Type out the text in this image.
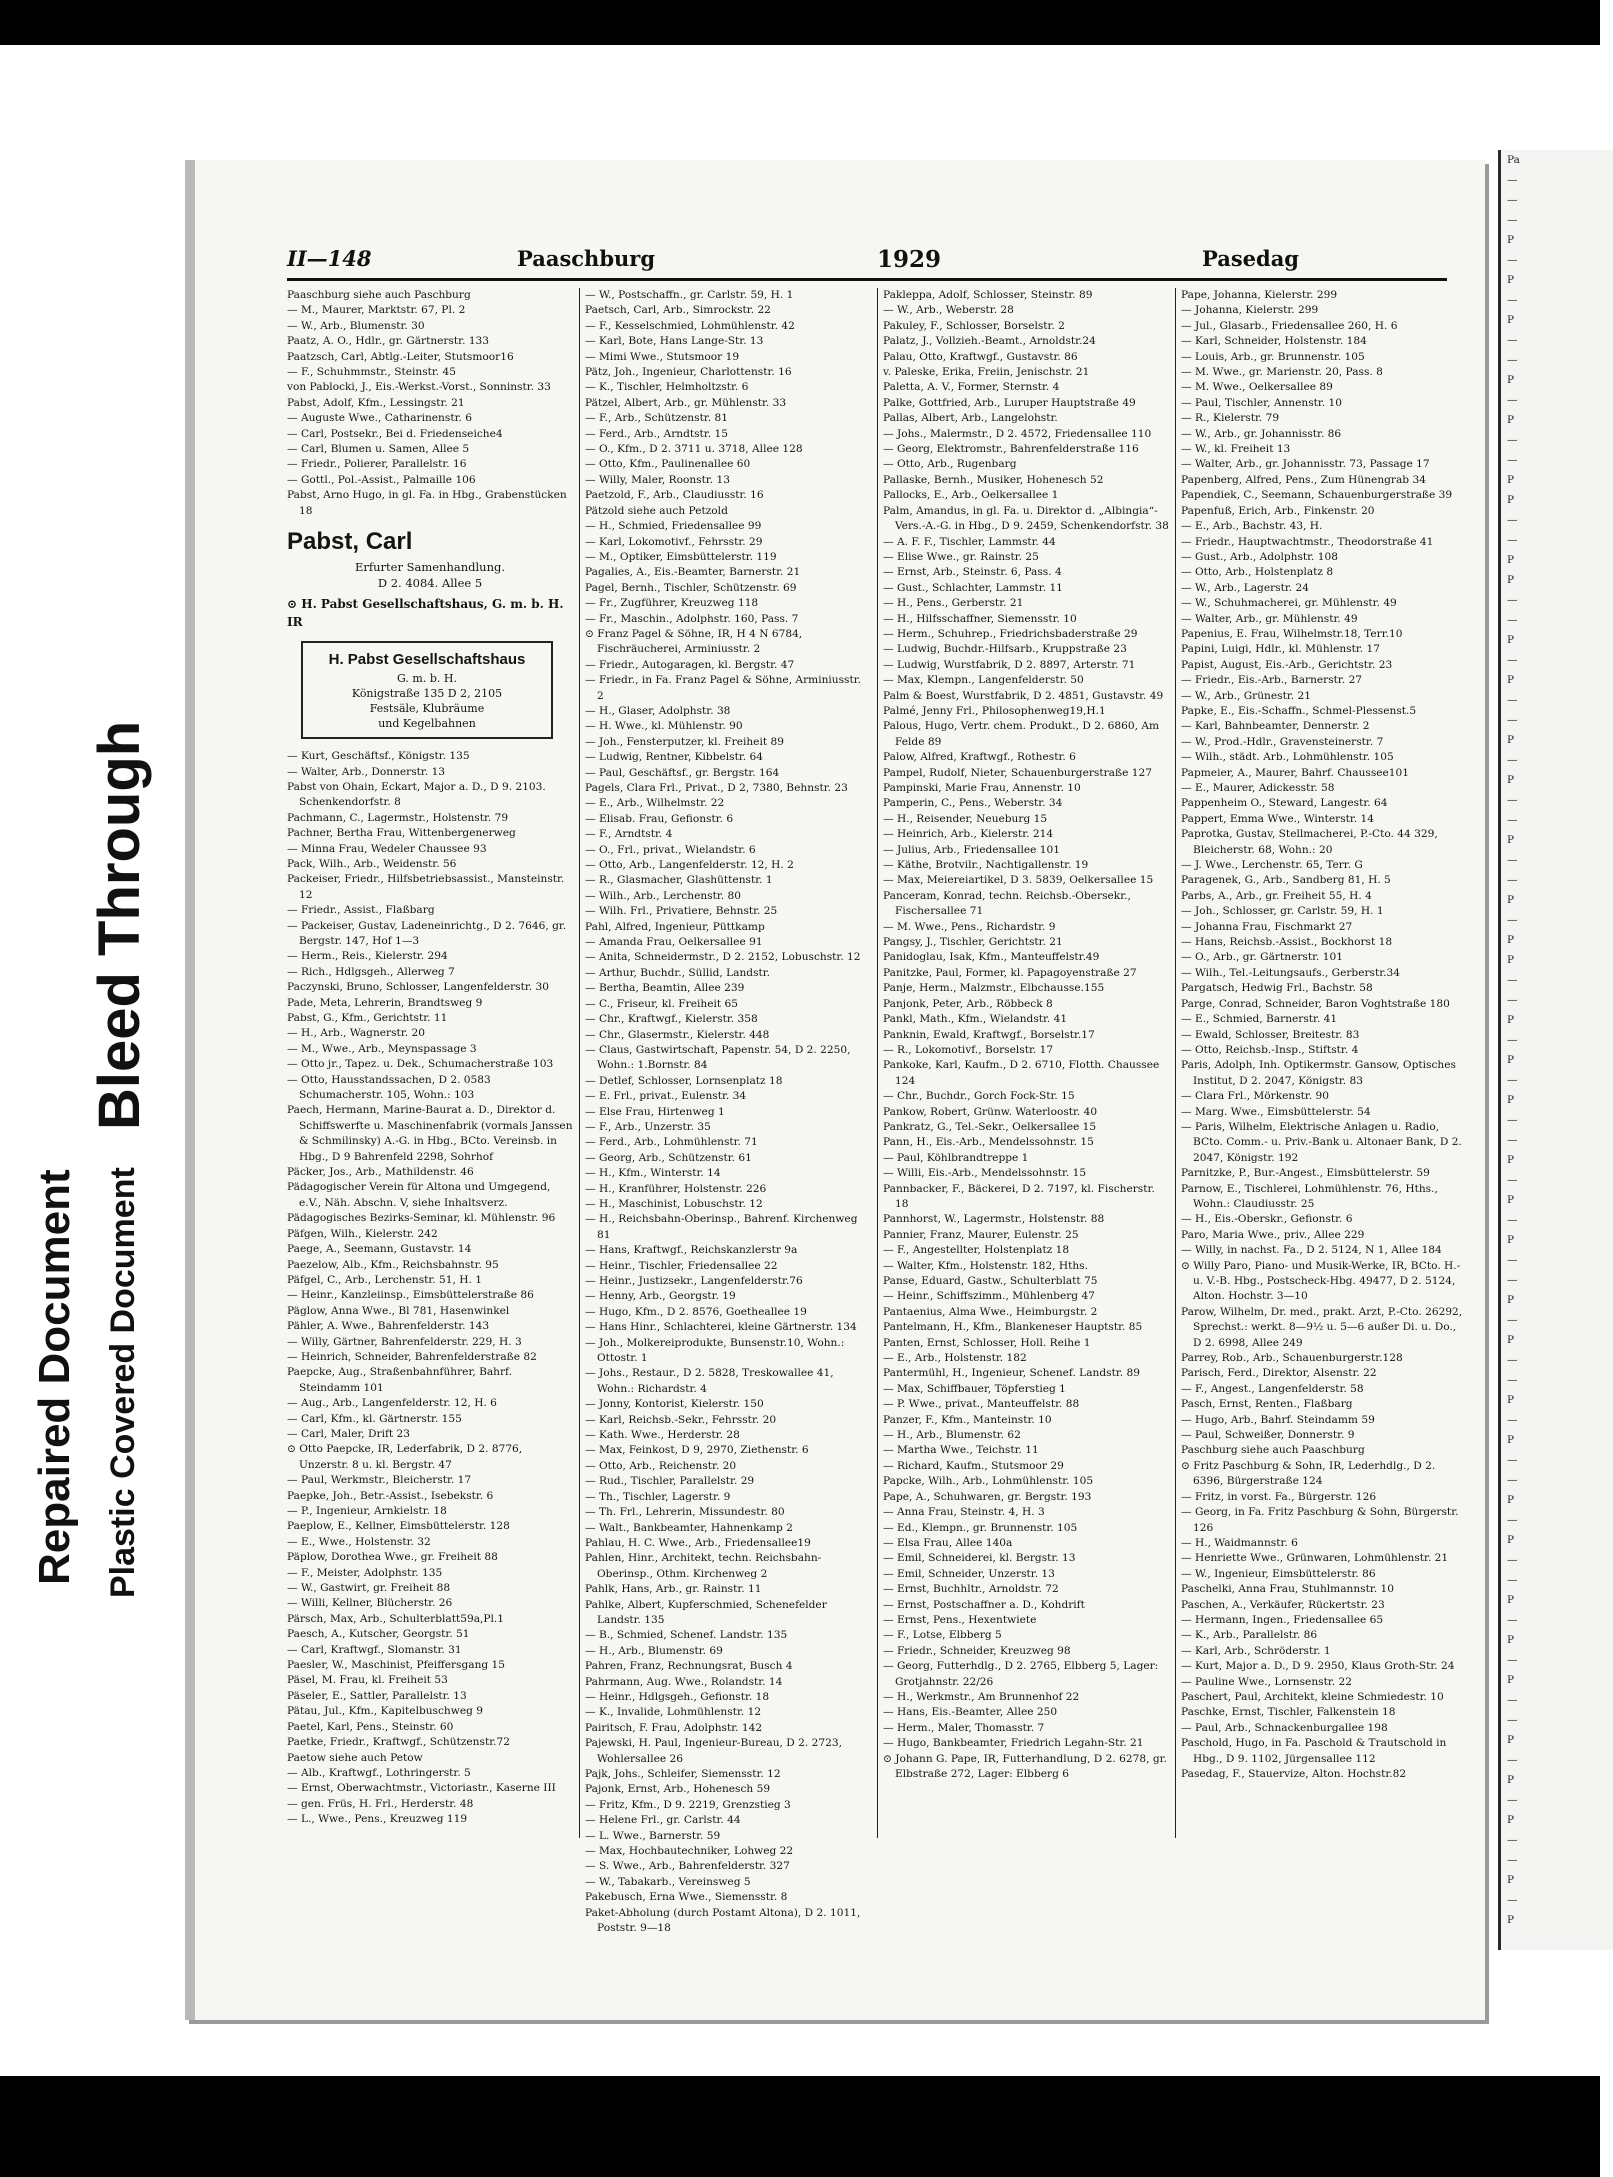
Repaired Document Plastic Covered Document
Bleed Through
Pa
—
—
—
P
—
P
—
P
—
—
P
—
P
—
—
P
P
—
—
P
P
—
—
P
—
P
—
—
P
—
P
—
—
P
—
—
P
—
P
P
—
—
P
—
P
—
P
—
—
P
—
P
—
P
—
—
P
—
P
—
—
P
—
P
—
—
P
—
P
—
—
P
—
P
—
P
—
—
P
—
P
—
P
—
—
P
—
P
II—148	Paaschburg	1929	Pasedag

Paaschburg siehe auch Paschburg

— M., Maurer, Marktstr. 67, Pl. 2

— W., Arb., Blumenstr. 30

Paatz, A. O., Hdlr., gr. Gärtnerstr. 133

Paatzsch, Carl, Abtlg.-Leiter, Stutsmoor16

— F., Schuhmmstr., Steinstr. 45

von Pablocki, J., Eis.-Werkst.-Vorst., Sonninstr. 33

Pabst, Adolf, Kfm., Lessingstr. 21

— Auguste Wwe., Catharinenstr. 6

— Carl, Postsekr., Bei d. Friedenseiche4

— Carl, Blumen u. Samen, Allee 5

— Friedr., Polierer, Parallelstr. 16

— Gottl., Pol.-Assist., Palmaille 106

Pabst, Arno Hugo, in gl. Fa. in Hbg., Grabenstücken 18

Pabst, Carl
Erfurter Samenhandlung.
D 2. 4084. Allee 5
⊙ H. Pabst Gesellschaftshaus, G. m. b. H. IR
H. Pabst Gesellschaftshaus
G. m. b. H.
Königstraße 135 D 2, 2105
Festsäle, Klubräume
und Kegelbahnen

— Kurt, Geschäftsf., Königstr. 135

— Walter, Arb., Donnerstr. 13

Pabst von Ohain, Eckart, Major a. D., D 9. 2103. Schenkendorfstr. 8

Pachmann, C., Lagermstr., Holstenstr. 79

Pachner, Bertha Frau, Wittenbergenerweg

— Minna Frau, Wedeler Chaussee 93

Pack, Wilh., Arb., Weidenstr. 56

Packeiser, Friedr., Hilfsbetriebsassist., Mansteinstr. 12

— Friedr., Assist., Flaßbarg

— Packeiser, Gustav, Ladeneinrichtg., D 2. 7646, gr. Bergstr. 147, Hof 1—3

— Herm., Reis., Kielerstr. 294

— Rich., Hdlgsgeh., Allerweg 7

Paczynski, Bruno, Schlosser, Langenfelderstr. 30

Pade, Meta, Lehrerin, Brandtsweg 9

Pabst, G., Kfm., Gerichtstr. 11

— H., Arb., Wagnerstr. 20

— M., Wwe., Arb., Meynspassage 3

— Otto jr., Tapez. u. Dek., Schumacherstraße 103

— Otto, Hausstandssachen, D 2. 0583 Schumacherstr. 105, Wohn.: 103

Paech, Hermann, Marine-Baurat a. D., Direktor d. Schiffswerfte u. Maschinenfabrik (vormals Janssen & Schmilinsky) A.-G. in Hbg., BCto. Vereinsb. in Hbg., D 9 Bahrenfeld 2298, Sohrhof

Päcker, Jos., Arb., Mathildenstr. 46

Pädagogischer Verein für Altona und Umgegend, e.V., Näh. Abschn. V, siehe Inhaltsverz.

Pädagogisches Bezirks-Seminar, kl. Mühlenstr. 96

Päfgen, Wilh., Kielerstr. 242

Paege, A., Seemann, Gustavstr. 14

Paezelow, Alb., Kfm., Reichsbahnstr. 95

Päfgel, C., Arb., Lerchenstr. 51, H. 1

— Heinr., Kanzleiinsp., Eimsbüttelerstraße 86

Päglow, Anna Wwe., Bl 781, Hasenwinkel

Pähler, A. Wwe., Bahrenfelderstr. 143

— Willy, Gärtner, Bahrenfelderstr. 229, H. 3

— Heinrich, Schneider, Bahrenfelderstraße 82

Paepcke, Aug., Straßenbahnführer, Bahrf. Steindamm 101

— Aug., Arb., Langenfelderstr. 12, H. 6

— Carl, Kfm., kl. Gärtnerstr. 155

— Carl, Maler, Drift 23

⊙ Otto Paepcke, IR, Lederfabrik, D 2. 8776, Unzerstr. 8 u. kl. Bergstr. 47

— Paul, Werkmstr., Bleicherstr. 17

Paepke, Joh., Betr.-Assist., Isebekstr. 6

— P., Ingenieur, Arnkielstr. 18

Paeplow, E., Kellner, Eimsbüttelerstr. 128

— E., Wwe., Holstenstr. 32

Päplow, Dorothea Wwe., gr. Freiheit 88

— F., Meister, Adolphstr. 135

— W., Gastwirt, gr. Freiheit 88

— Willi, Kellner, Blücherstr. 26

Pärsch, Max, Arb., Schulterblatt59a,Pl.1

Paesch, A., Kutscher, Georgstr. 51

— Carl, Kraftwgf., Slomanstr. 31

Paesler, W., Maschinist, Pfeiffersgang 15

Päsel, M. Frau, kl. Freiheit 53

Päseler, E., Sattler, Parallelstr. 13

Pätau, Jul., Kfm., Kapitelbuschweg 9

Paetel, Karl, Pens., Steinstr. 60

Paetke, Friedr., Kraftwgf., Schützenstr.72

Paetow siehe auch Petow

— Alb., Kraftwgf., Lothringerstr. 5

— Ernst, Oberwachtmstr., Victoriastr., Kaserne III

— gen. Früs, H. Frl., Herderstr. 48

— L., Wwe., Pens., Kreuzweg 119

— W., Postschaffn., gr. Carlstr. 59, H. 1

Paetsch, Carl, Arb., Simrockstr. 22

— F., Kesselschmied, Lohmühlenstr. 42

— Karl, Bote, Hans Lange-Str. 13

— Mimi Wwe., Stutsmoor 19

Pätz, Joh., Ingenieur, Charlottenstr. 16

— K., Tischler, Helmholtzstr. 6

Pätzel, Albert, Arb., gr. Mühlenstr. 33

— F., Arb., Schützenstr. 81

— Ferd., Arb., Arndtstr. 15

— O., Kfm., D 2. 3711 u. 3718, Allee 128

— Otto, Kfm., Paulinenallee 60

— Willy, Maler, Roonstr. 13

Paetzold, F., Arb., Claudiusstr. 16

Pätzold siehe auch Petzold

— H., Schmied, Friedensallee 99

— Karl, Lokomotivf., Fehrsstr. 29

— M., Optiker, Eimsbüttelerstr. 119

Pagalies, A., Eis.-Beamter, Barnerstr. 21

Pagel, Bernh., Tischler, Schützenstr. 69

— Fr., Zugführer, Kreuzweg 118

— Fr., Maschin., Adolphstr. 160, Pass. 7

⊙ Franz Pagel & Söhne, IR, H 4 N 6784, Fischräucherei, Arminiusstr. 2

— Friedr., Autogaragen, kl. Bergstr. 47

— Friedr., in Fa. Franz Pagel & Söhne, Arminiusstr. 2

— H., Glaser, Adolphstr. 38

— H. Wwe., kl. Mühlenstr. 90

— Joh., Fensterputzer, kl. Freiheit 89

— Ludwig, Rentner, Kibbelstr. 64

— Paul, Geschäftsf., gr. Bergstr. 164

Pagels, Clara Frl., Privat., D 2, 7380, Behnstr. 23

— E., Arb., Wilhelmstr. 22

— Elisab. Frau, Gefionstr. 6

— F., Arndtstr. 4

— O., Frl., privat., Wielandstr. 6

— Otto, Arb., Langenfelderstr. 12, H. 2

— R., Glasmacher, Glashüttenstr. 1

— Wilh., Arb., Lerchenstr. 80

— Wilh. Frl., Privatiere, Behnstr. 25

Pahl, Alfred, Ingenieur, Püttkamp

— Amanda Frau, Oelkersallee 91

— Anita, Schneidermstr., D 2. 2152, Lobuschstr. 12

— Arthur, Buchdr., Süllid, Landstr.

— Bertha, Beamtin, Allee 239

— C., Friseur, kl. Freiheit 65

— Chr., Kraftwgf., Kielerstr. 358

— Chr., Glasermstr., Kielerstr. 448

— Claus, Gastwirtschaft, Papenstr. 54, D 2. 2250, Wohn.: 1.Bornstr. 84

— Detlef, Schlosser, Lornsenplatz 18

— E. Frl., privat., Eulenstr. 34

— Else Frau, Hirtenweg 1

— F., Arb., Unzerstr. 35

— Ferd., Arb., Lohmühlenstr. 71

— Georg, Arb., Schützenstr. 61

— H., Kfm., Winterstr. 14

— H., Kranführer, Holstenstr. 226

— H., Maschinist, Lobuschstr. 12

— H., Reichsbahn-Oberinsp., Bahrenf. Kirchenweg 81

— Hans, Kraftwgf., Reichskanzlerstr 9a

— Heinr., Tischler, Friedensallee 22

— Heinr., Justizsekr., Langenfelderstr.76

— Henny, Arb., Georgstr. 19

— Hugo, Kfm., D 2. 8576, Goetheallee 19

— Hans Hinr., Schlachterei, kleine Gärtnerstr. 134

— Joh., Molkereiprodukte, Bunsenstr.10, Wohn.: Ottostr. 1

— Johs., Restaur., D 2. 5828, Treskowallee 41, Wohn.: Richardstr. 4

— Jonny, Kontorist, Kielerstr. 150

— Karl, Reichsb.-Sekr., Fehrsstr. 20

— Kath. Wwe., Herderstr. 28

— Max, Feinkost, D 9, 2970, Ziethenstr. 6

— Otto, Arb., Reichenstr. 20

— Rud., Tischler, Parallelstr. 29

— Th., Tischler, Lagerstr. 9

— Th. Frl., Lehrerin, Missundestr. 80

— Walt., Bankbeamter, Hahnenkamp 2

Pahlau, H. C. Wwe., Arb., Friedensallee19

Pahlen, Hinr., Architekt, techn. Reichsbahn-Oberinsp., Othm. Kirchenweg 2

Pahlk, Hans, Arb., gr. Rainstr. 11

Pahlke, Albert, Kupferschmied, Schenefelder Landstr. 135

— B., Schmied, Schenef. Landstr. 135

— H., Arb., Blumenstr. 69

Pahren, Franz, Rechnungsrat, Busch 4

Pahrmann, Aug. Wwe., Rolandstr. 14

— Heinr., Hdlgsgeh., Gefionstr. 18

— K., Invalide, Lohmühlenstr. 12

Pairitsch, F. Frau, Adolphstr. 142

Pajewski, H. Paul, Ingenieur-Bureau, D 2. 2723, Wohlersallee 26

Pajk, Johs., Schleifer, Siemensstr. 12

Pajonk, Ernst, Arb., Hohenesch 59

— Fritz, Kfm., D 9. 2219, Grenzstieg 3

— Helene Frl., gr. Carlstr. 44

— L. Wwe., Barnerstr. 59

— Max, Hochbautechniker, Lohweg 22

— S. Wwe., Arb., Bahrenfelderstr. 327

— W., Tabakarb., Vereinsweg 5

Pakebusch, Erna Wwe., Siemensstr. 8

Paket-Abholung (durch Postamt Altona), D 2. 1011, Poststr. 9—18

Pakleppa, Adolf, Schlosser, Steinstr. 89

— W., Arb., Weberstr. 28

Pakuley, F., Schlosser, Borselstr. 2

Palatz, J., Vollzieh.-Beamt., Arnoldstr.24

Palau, Otto, Kraftwgf., Gustavstr. 86

v. Paleske, Erika, Freiin, Jenischstr. 21

Paletta, A. V., Former, Sternstr. 4

Palke, Gottfried, Arb., Luruper Hauptstraße 49

Pallas, Albert, Arb., Langelohstr.

— Johs., Malermstr., D 2. 4572, Friedensallee 110

— Georg, Elektromstr., Bahrenfelderstraße 116

— Otto, Arb., Rugenbarg

Pallaske, Bernh., Musiker, Hohenesch 52

Pallocks, E., Arb., Oelkersallee 1

Palm, Amandus, in gl. Fa. u. Direktor d. „Albingia“-Vers.-A.-G. in Hbg., D 9. 2459, Schenkendorfstr. 38

— A. F. F., Tischler, Lammstr. 44

— Elise Wwe., gr. Rainstr. 25

— Ernst, Arb., Steinstr. 6, Pass. 4

— Gust., Schlachter, Lammstr. 11

— H., Pens., Gerberstr. 21

— H., Hilfsschaffner, Siemensstr. 10

— Herm., Schuhrep., Friedrichsbaderstraße 29

— Ludwig, Buchdr.-Hilfsarb., Kruppstraße 23

— Ludwig, Wurstfabrik, D 2. 8897, Arterstr. 71

— Max, Klempn., Langenfelderstr. 50

Palm & Boest, Wurstfabrik, D 2. 4851, Gustavstr. 49

Palmé, Jenny Frl., Philosophenweg19,H.1

Palous, Hugo, Vertr. chem. Produkt., D 2. 6860, Am Felde 89

Palow, Alfred, Kraftwgf., Rothestr. 6

Pampel, Rudolf, Nieter, Schauenburgerstraße 127

Pampinski, Marie Frau, Annenstr. 10

Pamperin, C., Pens., Weberstr. 34

— H., Reisender, Neueburg 15

— Heinrich, Arb., Kielerstr. 214

— Julius, Arb., Friedensallee 101

— Käthe, Brotvilr., Nachtigallenstr. 19

— Max, Meiereiartikel, D 3. 5839, Oelkersallee 15

Panceram, Konrad, techn. Reichsb.-Obersekr., Fischersallee 71

— M. Wwe., Pens., Richardstr. 9

Pangsy, J., Tischler, Gerichtstr. 21

Panidoglau, Isak, Kfm., Manteuffelstr.49

Panitzke, Paul, Former, kl. Papagoyenstraße 27

Panje, Herm., Malzmstr., Elbchausse.155

Panjonk, Peter, Arb., Röbbeck 8

Pankl, Math., Kfm., Wielandstr. 41

Panknin, Ewald, Kraftwgf., Borselstr.17

— R., Lokomotivf., Borselstr. 17

Pankoke, Karl, Kaufm., D 2. 6710, Flotth. Chaussee 124

— Chr., Buchdr., Gorch Fock-Str. 15

Pankow, Robert, Grünw. Waterloostr. 40

Pankratz, G., Tel.-Sekr., Oelkersallee 15

Pann, H., Eis.-Arb., Mendelssohnstr. 15

— Paul, Köhlbrandtreppe 1

— Willi, Eis.-Arb., Mendelssohnstr. 15

Pannbacker, F., Bäckerei, D 2. 7197, kl. Fischerstr. 18

Pannhorst, W., Lagermstr., Holstenstr. 88

Pannier, Franz, Maurer, Eulenstr. 25

— F., Angestellter, Holstenplatz 18

— Walter, Kfm., Holstenstr. 182, Hths.

Panse, Eduard, Gastw., Schulterblatt 75

— Heinr., Schiffszimm., Mühlenberg 47

Pantaenius, Alma Wwe., Heimburgstr. 2

Pantelmann, H., Kfm., Blankeneser Hauptstr. 85

Panten, Ernst, Schlosser, Holl. Reihe 1

— E., Arb., Holstenstr. 182

Pantermühl, H., Ingenieur, Schenef. Landstr. 89

— Max, Schiffbauer, Töpferstieg 1

— P. Wwe., privat., Manteuffelstr. 88

Panzer, F., Kfm., Manteinstr. 10

— H., Arb., Blumenstr. 62

— Martha Wwe., Teichstr. 11

— Richard, Kaufm., Stutsmoor 29

Papcke, Wilh., Arb., Lohmühlenstr. 105

Pape, A., Schuhwaren, gr. Bergstr. 193

— Anna Frau, Steinstr. 4, H. 3

— Ed., Klempn., gr. Brunnenstr. 105

— Elsa Frau, Allee 140a

— Emil, Schneiderei, kl. Bergstr. 13

— Emil, Schneider, Unzerstr. 13

— Ernst, Buchhltr., Arnoldstr. 72

— Ernst, Postschaffner a. D., Kohdrift

— Ernst, Pens., Hexentwiete

— F., Lotse, Elbberg 5

— Friedr., Schneider, Kreuzweg 98

— Georg, Futterhdlg., D 2. 2765, Elbberg 5, Lager: Grotjahnstr. 22/26

— H., Werkmstr., Am Brunnenhof 22

— Hans, Eis.-Beamter, Allee 250

— Herm., Maler, Thomasstr. 7

— Hugo, Bankbeamter, Friedrich Legahn-Str. 21

⊙ Johann G. Pape, IR, Futterhandlung, D 2. 6278, gr. Elbstraße 272, Lager: Elbberg 6

Pape, Johanna, Kielerstr. 299

— Johanna, Kielerstr. 299

— Jul., Glasarb., Friedensallee 260, H. 6

— Karl, Schneider, Holstenstr. 184

— Louis, Arb., gr. Brunnenstr. 105

— M. Wwe., gr. Marienstr. 20, Pass. 8

— M. Wwe., Oelkersallee 89

— Paul, Tischler, Annenstr. 10

— R., Kielerstr. 79

— W., Arb., gr. Johannisstr. 86

— W., kl. Freiheit 13

— Walter, Arb., gr. Johannisstr. 73, Passage 17

Papenberg, Alfred, Pens., Zum Hünengrab 34

Papendiek, C., Seemann, Schauenburgerstraße 39

Papenfuß, Erich, Arb., Finkenstr. 20

— E., Arb., Bachstr. 43, H.

— Friedr., Hauptwachtmstr., Theodorstraße 41

— Gust., Arb., Adolphstr. 108

— Otto, Arb., Holstenplatz 8

— W., Arb., Lagerstr. 24

— W., Schuhmacherei, gr. Mühlenstr. 49

— Walter, Arb., gr. Mühlenstr. 49

Papenius, E. Frau, Wilhelmstr.18, Terr.10

Papini, Luigi, Hdlr., kl. Mühlenstr. 17

Papist, August, Eis.-Arb., Gerichtstr. 23

— Friedr., Eis.-Arb., Barnerstr. 27

— W., Arb., Grünestr. 21

Papke, E., Eis.-Schaffn., Schmel-Plessenst.5

— Karl, Bahnbeamter, Dennerstr. 2

— W., Prod.-Hdlr., Gravensteinerstr. 7

— Wilh., städt. Arb., Lohmühlenstr. 105

Papmeier, A., Maurer, Bahrf. Chaussee101

— E., Maurer, Adickesstr. 58

Pappenheim O., Steward, Langestr. 64

Pappert, Emma Wwe., Winterstr. 14

Paprotka, Gustav, Stellmacherei, P.-Cto. 44 329, Bleicherstr. 68, Wohn.: 20

— J. Wwe., Lerchenstr. 65, Terr. G

Paragenek, G., Arb., Sandberg 81, H. 5

Parbs, A., Arb., gr. Freiheit 55, H. 4

— Joh., Schlosser, gr. Carlstr. 59, H. 1

— Johanna Frau, Fischmarkt 27

— Hans, Reichsb.-Assist., Bockhorst 18

— O., Arb., gr. Gärtnerstr. 101

— Wilh., Tel.-Leitungsaufs., Gerberstr.34

Pargatsch, Hedwig Frl., Bachstr. 58

Parge, Conrad, Schneider, Baron Voghtstraße 180

— E., Schmied, Barnerstr. 41

— Ewald, Schlosser, Breitestr. 83

— Otto, Reichsb.-Insp., Stiftstr. 4

Paris, Adolph, Inh. Optikermstr. Gansow, Optisches Institut, D 2. 2047, Königstr. 83

— Clara Frl., Mörkenstr. 90

— Marg. Wwe., Eimsbüttelerstr. 54

— Paris, Wilhelm, Elektrische Anlagen u. Radio, BCto. Comm.- u. Priv.-Bank u. Altonaer Bank, D 2. 2047, Königstr. 192

Parnitzke, P., Bur.-Angest., Eimsbüttelerstr. 59

Parnow, E., Tischlerei, Lohmühlenstr. 76, Hths., Wohn.: Claudiusstr. 25

— H., Eis.-Oberskr., Gefionstr. 6

Paro, Maria Wwe., priv., Allee 229

— Willy, in nachst. Fa., D 2. 5124, N 1, Allee 184

⊙ Willy Paro, Piano- und Musik-Werke, IR, BCto. H.- u. V.-B. Hbg., Postscheck-Hbg. 49477, D 2. 5124, Alton. Hochstr. 3—10

Parow, Wilhelm, Dr. med., prakt. Arzt, P.-Cto. 26292, Sprechst.: werkt. 8—9½ u. 5—6 außer Di. u. Do., D 2. 6998, Allee 249

Parrey, Rob., Arb., Schauenburgerstr.128

Parisch, Ferd., Direktor, Alsenstr. 22

— F., Angest., Langenfelderstr. 58

Pasch, Ernst, Renten., Flaßbarg

— Hugo, Arb., Bahrf. Steindamm 59

— Paul, Schweißer, Donnerstr. 9

Paschburg siehe auch Paaschburg

⊙ Fritz Paschburg & Sohn, IR, Lederhdlg., D 2. 6396, Bürgerstraße 124

— Fritz, in vorst. Fa., Bürgerstr. 126

— Georg, in Fa. Fritz Paschburg & Sohn, Bürgerstr. 126

— H., Waidmannstr. 6

— Henriette Wwe., Grünwaren, Lohmühlenstr. 21

— W., Ingenieur, Eimsbüttelerstr. 86

Paschelki, Anna Frau, Stuhlmannstr. 10

Paschen, A., Verkäufer, Rückertstr. 23

— Hermann, Ingen., Friedensallee 65

— K., Arb., Parallelstr. 86

— Karl, Arb., Schröderstr. 1

— Kurt, Major a. D., D 9. 2950, Klaus Groth-Str. 24

— Pauline Wwe., Lornsenstr. 22

Paschert, Paul, Architekt, kleine Schmiedestr. 10

Paschke, Ernst, Tischler, Falkenstein 18

— Paul, Arb., Schnackenburgallee 198

Paschold, Hugo, in Fa. Paschold & Trautschold in Hbg., D 9. 1102, Jürgensallee 112

Pasedag, F., Stauervize, Alton. Hochstr.82
